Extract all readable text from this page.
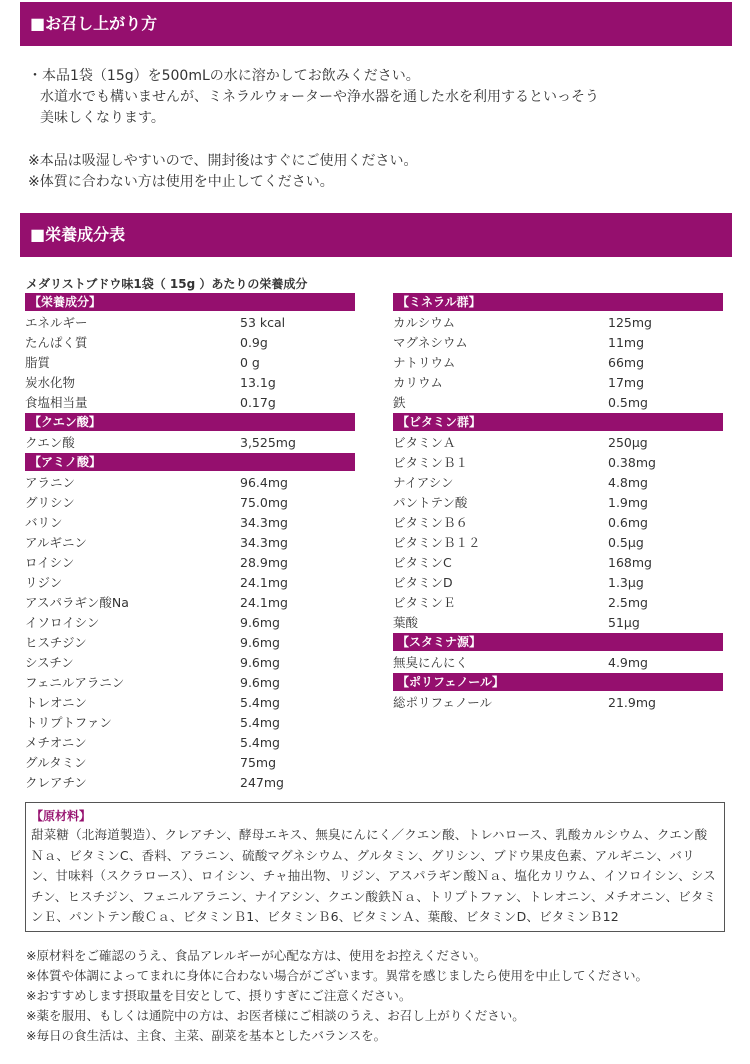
■お召し上がり方
・本品1袋（15g）を500mLの水に溶かしてお飲みください。
水道水でも構いませんが、ミネラルウォーターや浄水器を通した水を利用するといっそう
美味しくなります。
※本品は吸湿しやすいので、開封後はすぐにご使用ください。
※体質に合わない方は使用を中止してください。
■栄養成分表
メダリストブドウ味1袋（ 15g ）あたりの栄養成分
【栄養成分】
エネルギー	53 kcal
たんぱく質	0.9g
脂質	0 g
炭水化物	13.1g
食塩相当量	0.17g
【クエン酸】
クエン酸	3,525mg
【アミノ酸】
アラニン	96.4mg
グリシン	75.0mg
バリン	34.3mg
アルギニン	34.3mg
ロイシン	28.9mg
リジン	24.1mg
アスパラギン酸Na	24.1mg
イソロイシン	9.6mg
ヒスチジン	9.6mg
シスチン	9.6mg
フェニルアラニン	9.6mg
トレオニン	5.4mg
トリプトファン	5.4mg
メチオニン	5.4mg
グルタミン	75mg
クレアチン	247mg
【ミネラル群】
カルシウム	125mg
マグネシウム	11mg
ナトリウム	66mg
カリウム	17mg
鉄	0.5mg
【ビタミン群】
ビタミンＡ	250μg
ビタミンＢ１	0.38mg
ナイアシン	4.8mg
パントテン酸	1.9mg
ビタミンＢ６	0.6mg
ビタミンＢ１２	0.5μg
ビタミンC	168mg
ビタミンD	1.3μg
ビタミンＥ	2.5mg
葉酸	51μg
【スタミナ源】
無臭にんにく	4.9mg
【ポリフェノール】
総ポリフェノール	21.9mg
【原材料】
甜菜糖（北海道製造）、クレアチン、酵母エキス、無臭にんにく／クエン酸、トレハロース、乳酸カルシウム、クエン酸Ｎａ、ビタミンC、香料、アラニン、硫酸マグネシウム、グルタミン、グリシン、ブドウ果皮色素、アルギニン、バリン、甘味料（スクラロース）、ロイシン、チャ抽出物、リジン、アスパラギン酸Ｎａ、塩化カリウム、イソロイシン、シスチン、ヒスチジン、フェニルアラニン、ナイアシン、クエン酸鉄Ｎａ、トリプトファン、トレオニン、メチオニン、ビタミンＥ、パントテン酸Ｃａ、ビタミンＢ1、ビタミンＢ6、ビタミンＡ、葉酸、ビタミンD、ビタミンＢ12
※原材料をご確認のうえ、食品アレルギーが心配な方は、使用をお控えください。
※体質や体調によってまれに身体に合わない場合がございます。異常を感じましたら使用を中止してください。
※おすすめします摂取量を目安として、摂りすぎにご注意ください。
※薬を服用、もしくは通院中の方は、お医者様にご相談のうえ、お召し上がりください。
※毎日の食生活は、主食、主菜、副菜を基本としたバランスを。
